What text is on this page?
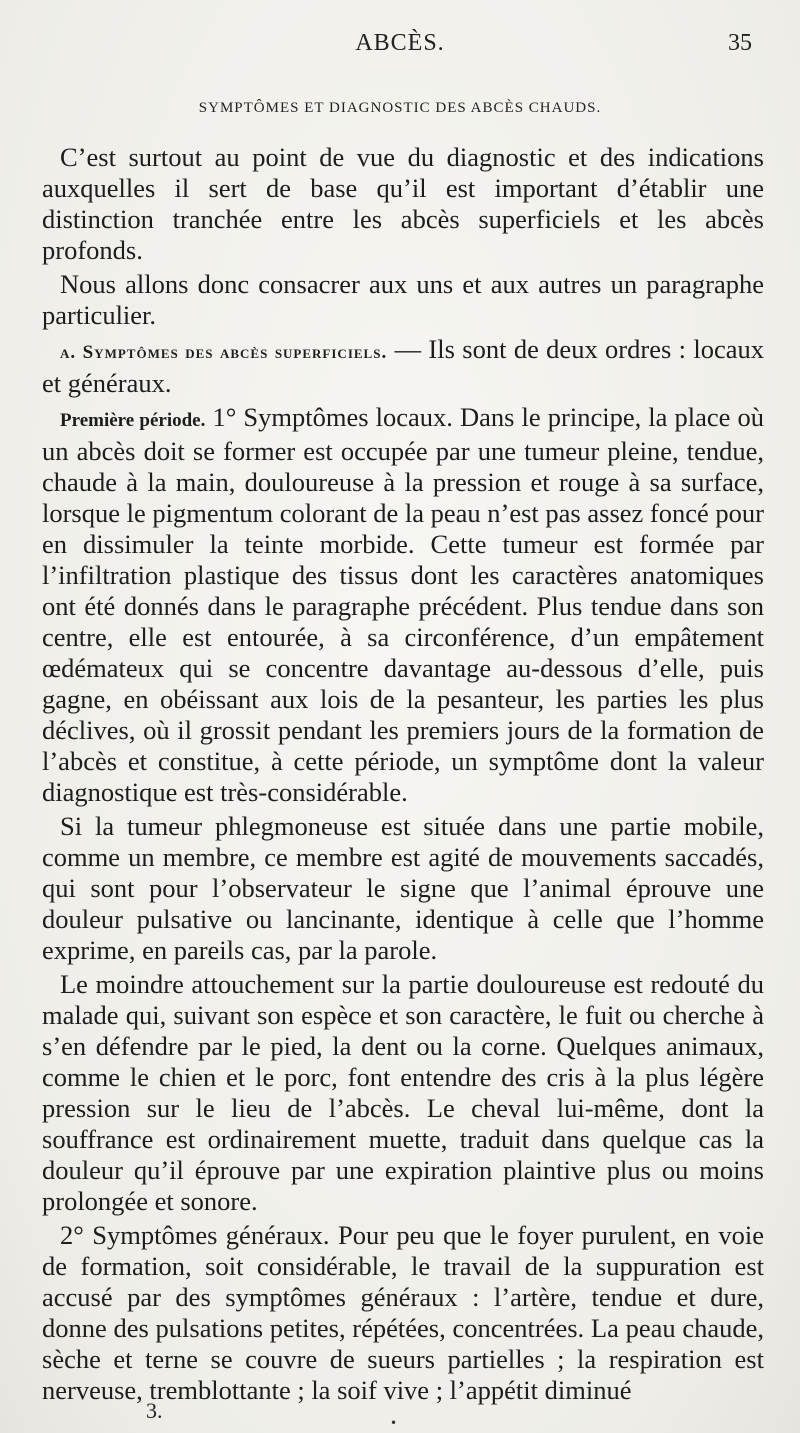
ABCÈS.	35
SYMPTÔMES ET DIAGNOSTIC DES ABCÈS CHAUDS.

C’est surtout au point de vue du diagnostic et des indications auxquelles il sert de base qu’il est important d’établir une distinction tranchée entre les abcès superficiels et les abcès profonds.

Nous allons donc consacrer aux uns et aux autres un paragraphe particulier.

a. Symptômes des abcès superficiels. — Ils sont de deux ordres : locaux et généraux.

Première période. 1° Symptômes locaux. Dans le principe, la place où un abcès doit se former est occupée par une tumeur pleine, tendue, chaude à la main, douloureuse à la pression et rouge à sa surface, lorsque le pigmentum colorant de la peau n’est pas assez foncé pour en dissimuler la teinte morbide. Cette tumeur est formée par l’infiltration plastique des tissus dont les caractères anatomiques ont été donnés dans le paragraphe précédent. Plus tendue dans son centre, elle est entourée, à sa circonférence, d’un empâtement œdémateux qui se concentre davantage au-dessous d’elle, puis gagne, en obéissant aux lois de la pesanteur, les parties les plus déclives, où il grossit pendant les premiers jours de la formation de l’abcès et constitue, à cette période, un symptôme dont la valeur diagnostique est très-considérable.

Si la tumeur phlegmoneuse est située dans une partie mobile, comme un membre, ce membre est agité de mouvements saccadés, qui sont pour l’observateur le signe que l’animal éprouve une douleur pulsative ou lancinante, identique à celle que l’homme exprime, en pareils cas, par la parole.

Le moindre attouchement sur la partie douloureuse est redouté du malade qui, suivant son espèce et son caractère, le fuit ou cherche à s’en défendre par le pied, la dent ou la corne. Quelques animaux, comme le chien et le porc, font entendre des cris à la plus légère pression sur le lieu de l’abcès. Le cheval lui-même, dont la souffrance est ordinairement muette, traduit dans quelque cas la douleur qu’il éprouve par une expiration plaintive plus ou moins prolongée et sonore.

2° Symptômes généraux. Pour peu que le foyer purulent, en voie de formation, soit considérable, le travail de la suppuration est accusé par des symptômes généraux : l’artère, tendue et dure, donne des pulsations petites, répétées, concentrées. La peau chaude, sèche et terne se couvre de sueurs partielles ; la respiration est nerveuse, tremblottante ; la soif vive ; l’appétit diminué

3.	•
